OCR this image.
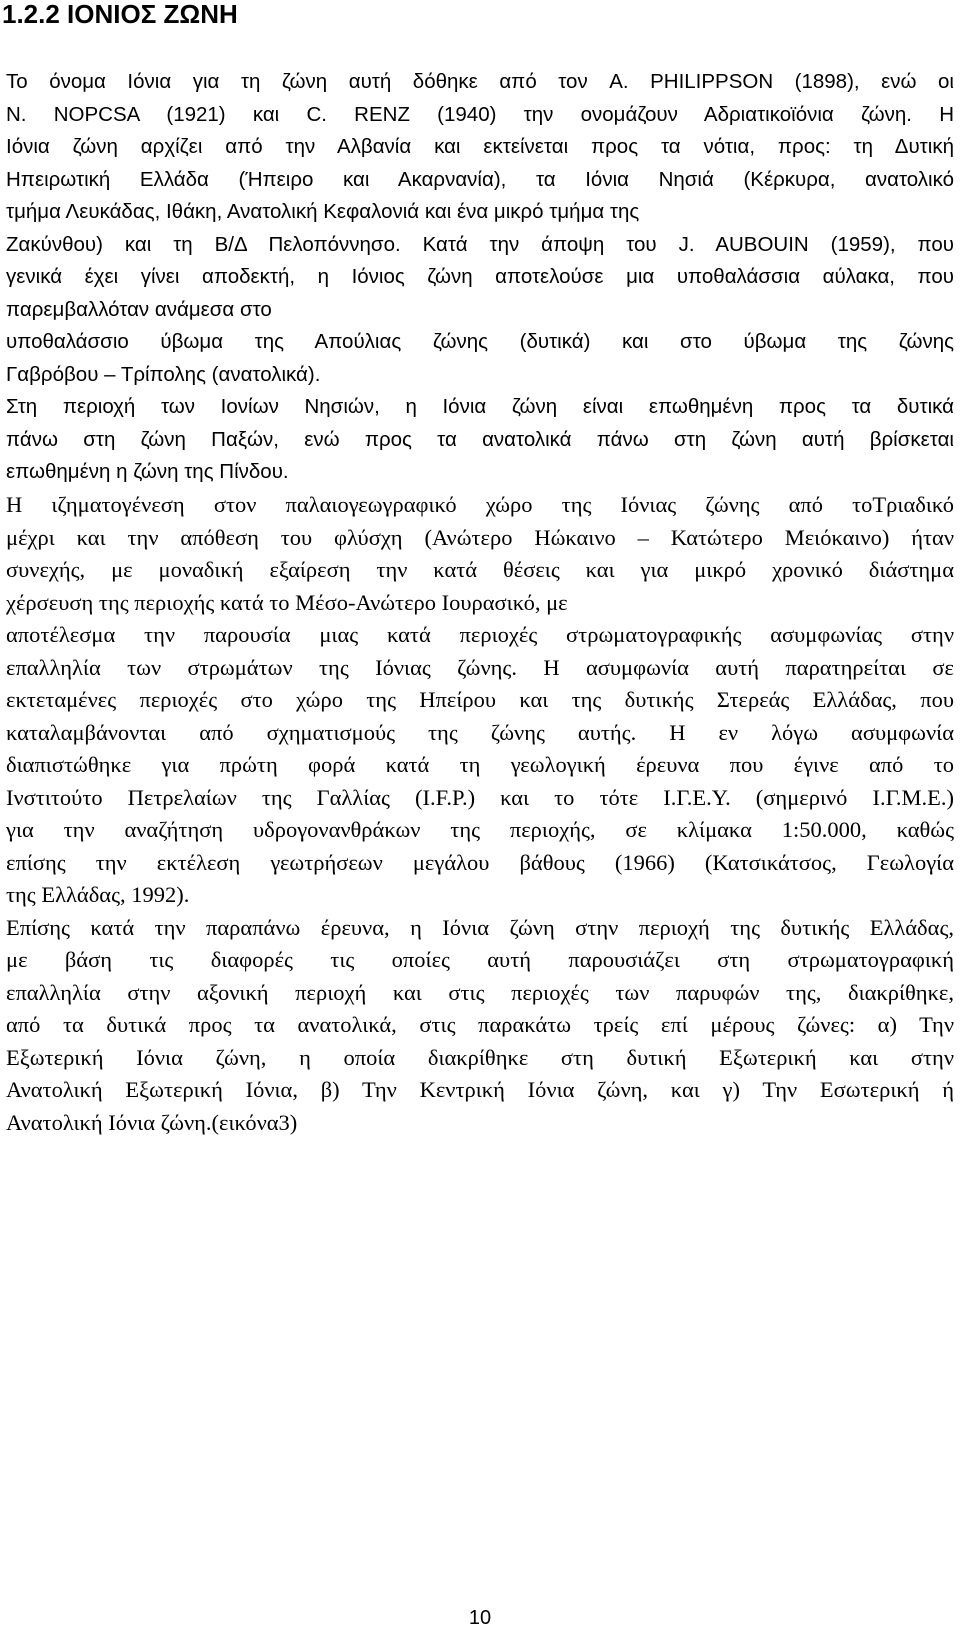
1.2.2 ΙΟΝΙΟΣ ΖΩΝΗ
Το όνομα Ιόνια για τη ζώνη αυτή δόθηκε από τον A. PHILIPPSON (1898), ενώ οι
N. NOPCSA (1921) και C. RENZ (1940) την ονομάζουν Αδριατικοϊόνια ζώνη. Η
Ιόνια ζώνη αρχίζει από την Αλβανία και εκτείνεται προς τα νότια, προς: τη Δυτική
Ηπειρωτική Ελλάδα (Ήπειρο και Ακαρνανία), τα Ιόνια Νησιά (Κέρκυρα, ανατολικό
τμήμα Λευκάδας, Ιθάκη, Ανατολική Κεφαλονιά και ένα μικρό τμήμα της
Ζακύνθου) και τη Β/Δ Πελοπόννησο. Κατά την άποψη του J. AUBOUIN (1959), που
γενικά έχει γίνει αποδεκτή, η Ιόνιος ζώνη αποτελούσε μια υποθαλάσσια αύλακα, που
παρεμβαλλόταν ανάμεσα στο
υποθαλάσσιο ύβωμα της Απούλιας ζώνης (δυτικά) και στο ύβωμα της ζώνης
Γαβρόβου – Τρίπολης (ανατολικά).
Στη περιοχή των Ιονίων Νησιών, η Ιόνια ζώνη είναι επωθημένη προς τα δυτικά
πάνω στη ζώνη Παξών, ενώ προς τα ανατολικά πάνω στη ζώνη αυτή βρίσκεται
επωθημένη η ζώνη της Πίνδου.
Η ιζηματογένεση στον παλαιογεωγραφικό χώρο της Ιόνιας ζώνης από τοΤριαδικό
μέχρι και την απόθεση του φλύσχη (Ανώτερο Ηώκαινο – Κατώτερο Μειόκαινο) ήταν
συνεχής, με μοναδική εξαίρεση την κατά θέσεις και για μικρό χρονικό διάστημα
χέρσευση της περιοχής κατά το Μέσο-Ανώτερο Ιουρασικό, με
αποτέλεσμα την παρουσία μιας κατά περιοχές στρωματογραφικής ασυμφωνίας στην
επαλληλία των στρωμάτων της Ιόνιας ζώνης. Η ασυμφωνία αυτή παρατηρείται σε
εκτεταμένες περιοχές στο χώρο της Ηπείρου και της δυτικής Στερεάς Ελλάδας, που
καταλαμβάνονται από σχηματισμούς της ζώνης αυτής. Η εν λόγω ασυμφωνία
διαπιστώθηκε για πρώτη φορά κατά τη γεωλογική έρευνα που έγινε από το
Ινστιτούτο Πετρελαίων της Γαλλίας (I.F.P.) και το τότε Ι.Γ.Ε.Υ. (σημερινό Ι.Γ.Μ.Ε.)
για την αναζήτηση υδρογονανθράκων της περιοχής, σε κλίμακα 1:50.000, καθώς
επίσης την εκτέλεση γεωτρήσεων μεγάλου βάθους (1966) (Κατσικάτσος, Γεωλογία
της Ελλάδας, 1992).
Επίσης κατά την παραπάνω έρευνα, η Ιόνια ζώνη στην περιοχή της δυτικής Ελλάδας,
με βάση τις διαφορές τις οποίες αυτή παρουσιάζει στη στρωματογραφική
επαλληλία στην αξονική περιοχή και στις περιοχές των παρυφών της, διακρίθηκε,
από τα δυτικά προς τα ανατολικά, στις παρακάτω τρείς επί μέρους ζώνες: α) Την
Εξωτερική Ιόνια ζώνη, η οποία διακρίθηκε στη δυτική Εξωτερική και στην
Ανατολική Εξωτερική Ιόνια, β) Την Κεντρική Ιόνια ζώνη, και γ) Την Εσωτερική ή
Ανατολική Ιόνια ζώνη.(εικόνα3)
10
